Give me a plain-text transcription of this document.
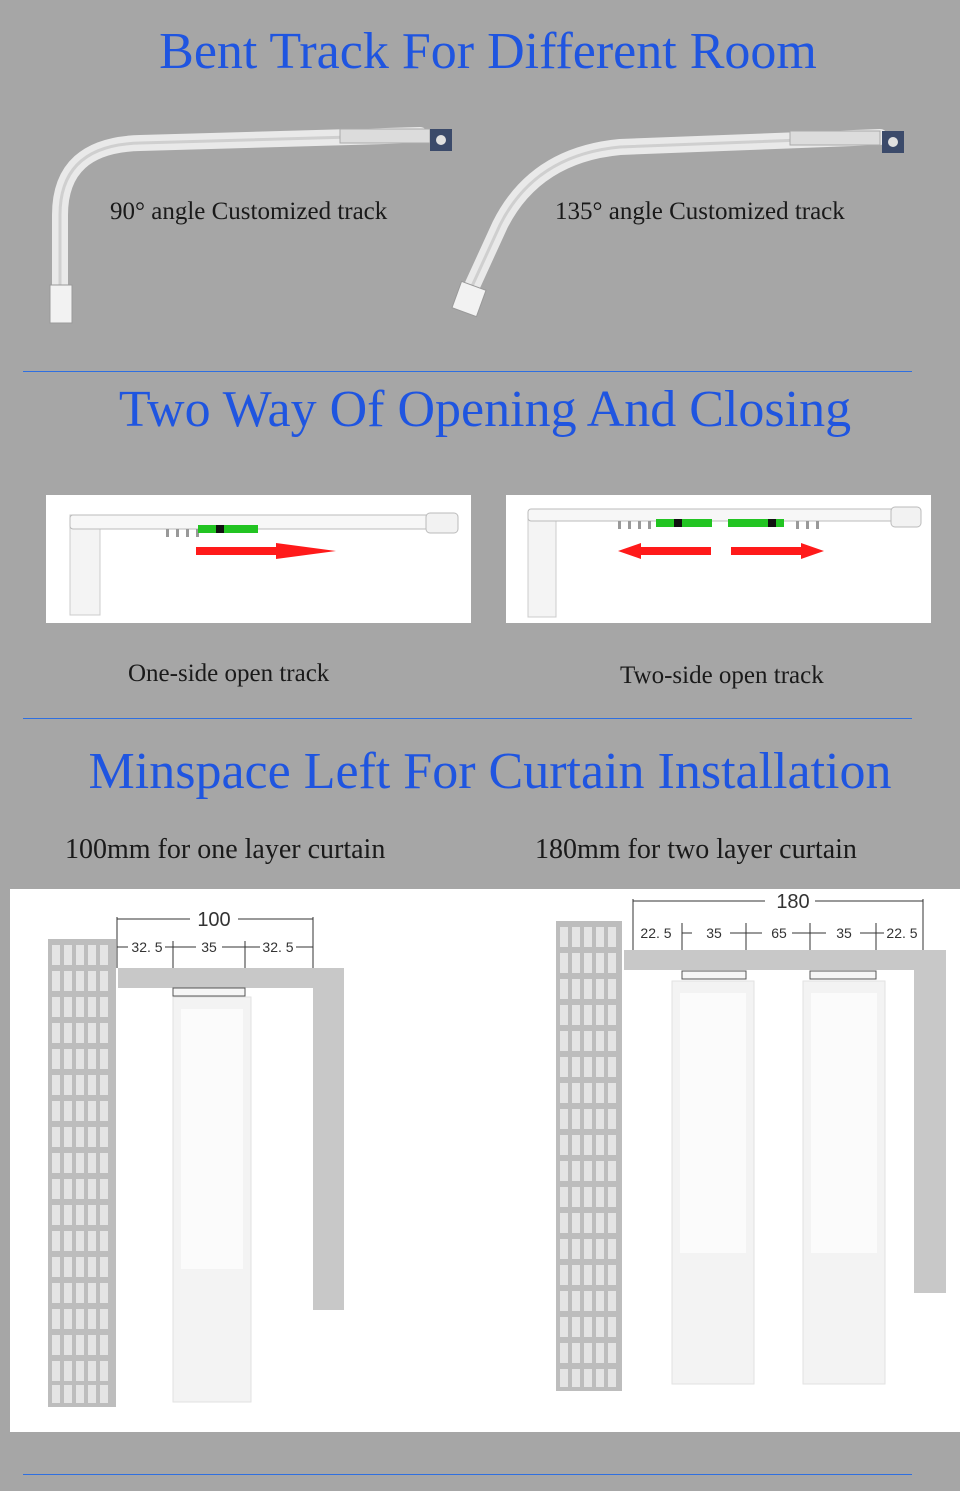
Bent Track For Different Room
90° angle Customized track	135° angle Customized track
Two Way Of Opening And Closing
One-side open track	Two-side open track
Minspace Left For Curtain Installation
100mm for one layer curtain	180mm for two layer curtain
100
32. 5	35	32. 5
180
22. 5 35	65	35 22. 5
